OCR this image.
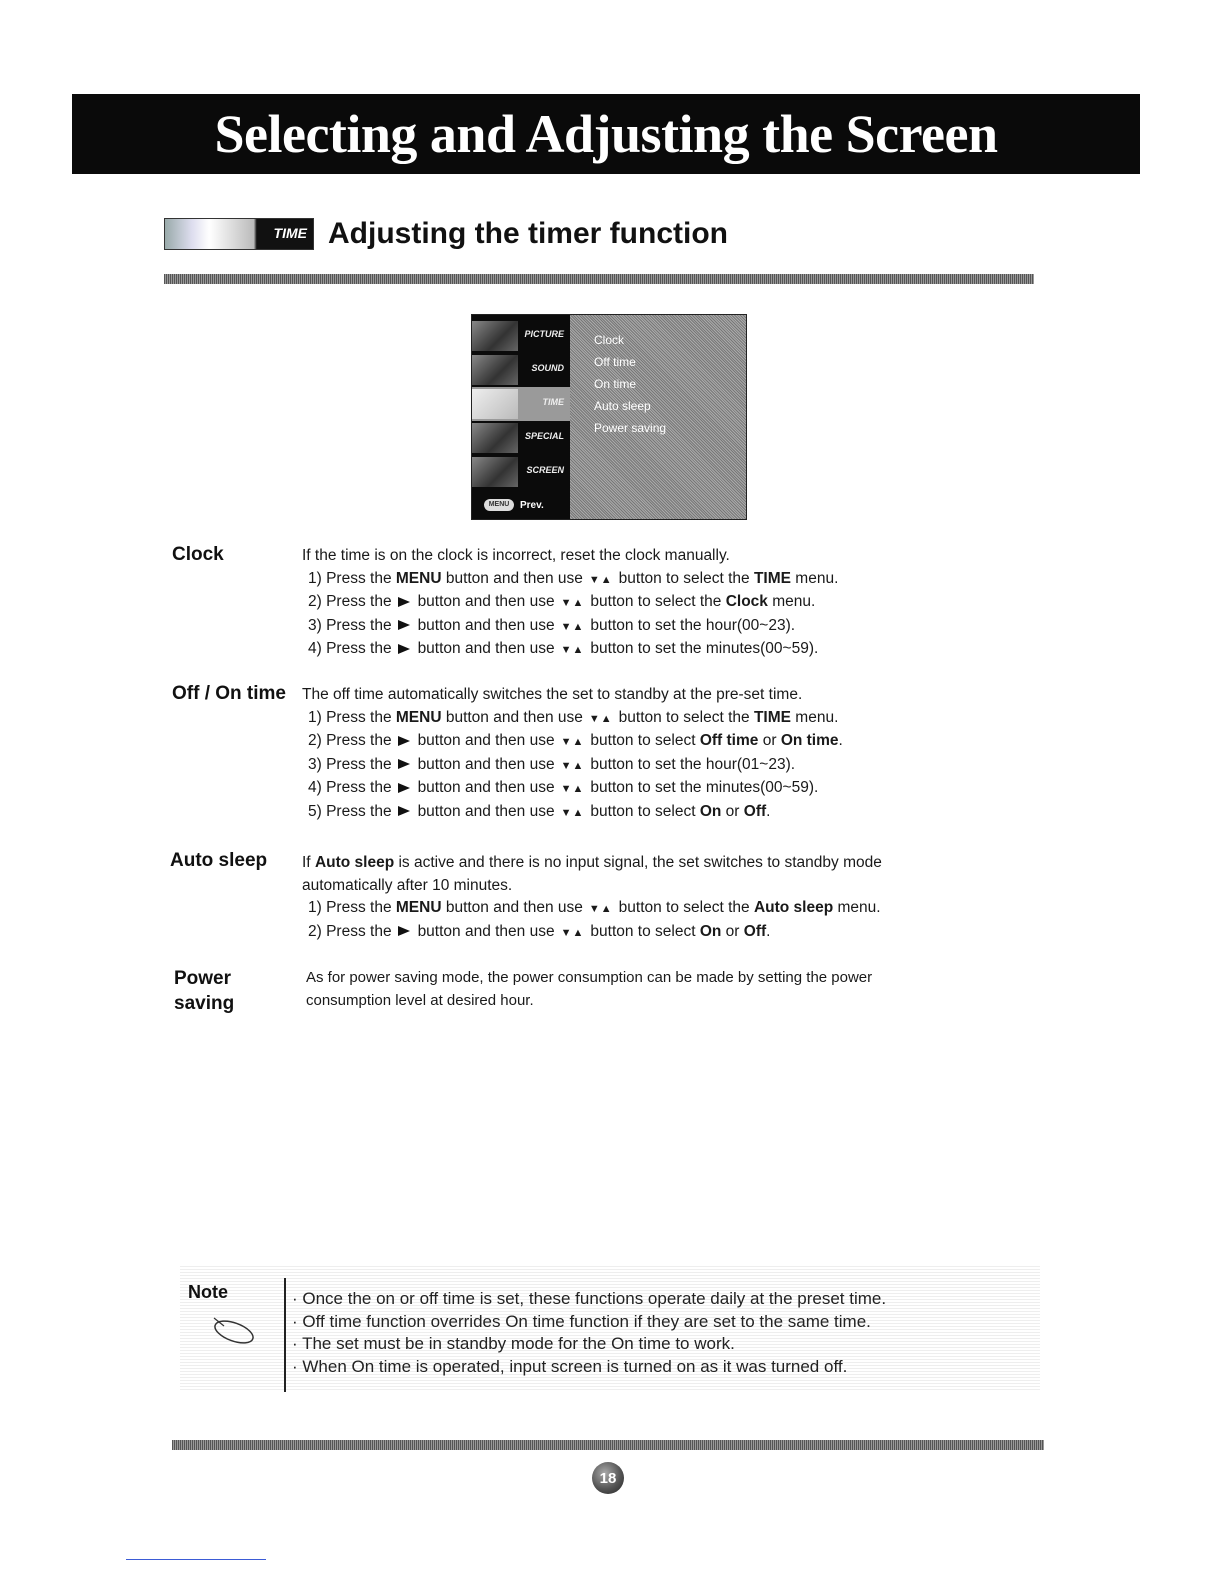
Selecting and Adjusting the Screen
TIME Adjusting the timer function
PICTURE
SOUND
TIME
SPECIAL
SCREEN
MENU	Prev.
Clock
Off time
On time
Auto sleep
Power saving
Clock	If the time is on the clock is incorrect, reset the clock manually.

1) Press the MENU button and then use ▼▲ button to select the TIME menu.

2) Press the button and then use ▼▲ button to select the Clock menu.

3) Press the button and then use ▼▲ button to set the hour(00~23).

4) Press the button and then use ▼▲ button to set the minutes(00~59).

Off / On time The off time automatically switches the set to standby at the pre-set time.

1) Press the MENU button and then use ▼▲ button to select the TIME menu.

2) Press the button and then use ▼▲ button to select Off time or On time.

3) Press the button and then use ▼▲ button to set the hour(01~23).

4) Press the button and then use ▼▲ button to set the minutes(00~59).

5) Press the button and then use ▼▲ button to select On or Off.

Auto sleep If Auto sleep is active and there is no input signal, the set switches to standby mode

automatically after 10 minutes.

1) Press the MENU button and then use ▼▲ button to select the Auto sleep menu.

2) Press the button and then use ▼▲ button to select On or Off.

Power
saving

As for power saving mode, the power consumption can be made by setting the power

consumption level at desired hour.

Note	· Once the on or off time is set, these functions operate daily at the preset time.

· Off time function overrides On time function if they are set to the same time.

· The set must be in standby mode for the On time to work.

· When On time is operated, input screen is turned on as it was turned off.

18
